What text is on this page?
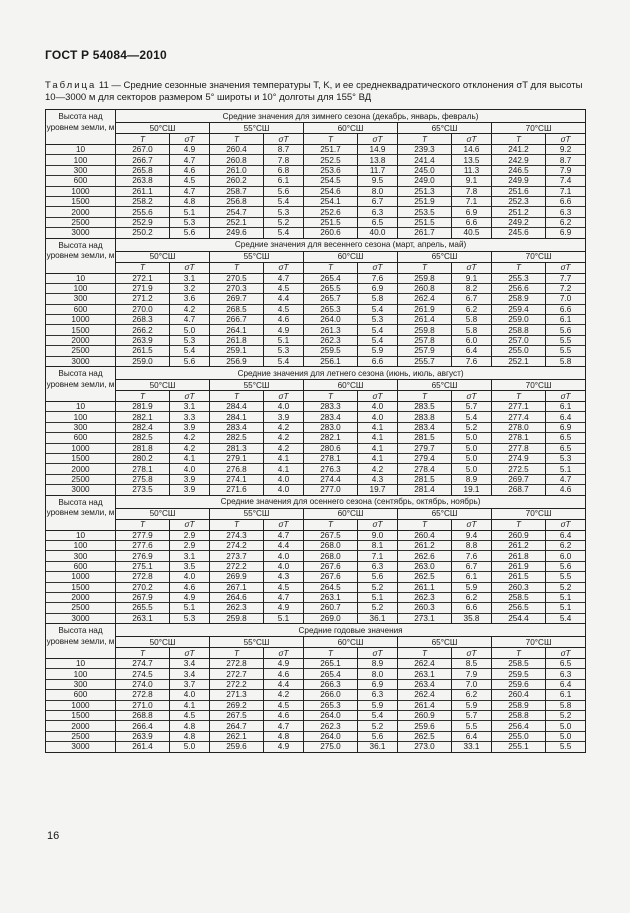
ГОСТ Р 54084—2010
Таблица 11 — Средние сезонные значения температуры T, K, и ее среднеквадратического отклонения σT для высоты 10—3000 м для секторов размером 5° широты и 10° долготы для 155° ВД
Высота над уровнем земли, м	Средние значения для зимнего сезона (декабрь, январь, февраль)									
	50°СШ		55°СШ		60°СШ		65°СШ		70°СШ	
	T	σT	T	σT	T	σT	T	σT	T	σT
10	267.0	4.9	260.4	8.7	251.7	14.9	239.3	14.6	241.2	9.2
100	266.7	4.7	260.8	7.8	252.5	13.8	241.4	13.5	242.9	8.7
300	265.8	4.6	261.0	6.8	253.6	11.7	245.0	11.3	246.5	7.9
600	263.8	4.5	260.2	6.1	254.5	9.5	249.0	9.1	249.9	7.4
1000	261.1	4.7	258.7	5.6	254.6	8.0	251.3	7.8	251.6	7.1
1500	258.2	4.8	256.8	5.4	254.1	6.7	251.9	7.1	252.3	6.6
2000	255.6	5.1	254.7	5.3	252.6	6.3	253.5	6.9	251.2	6.3
2500	252.9	5.3	252.1	5.2	251.5	6.5	251.5	6.6	249.2	6.2
3000	250.2	5.6	249.6	5.4	260.6	40.0	261.7	40.5	245.6	6.9
Высота над уровнем земли, м	Средние значения для весеннего сезона (март, апрель, май)									
	50°СШ		55°СШ		60°СШ		65°СШ		70°СШ	
	T	σT	T	σT	T	σT	T	σT	T	σT
10	272.1	3.1	270.5	4.7	265.4	7.6	259.8	9.1	255.3	7.7
100	271.9	3.2	270.3	4.5	265.5	6.9	260.8	8.2	256.6	7.2
300	271.2	3.6	269.7	4.4	265.7	5.8	262.4	6.7	258.9	7.0
600	270.0	4.2	268.5	4.5	265.3	5.4	261.9	6.2	259.4	6.6
1000	268.3	4.7	266.7	4.6	264.0	5.3	261.4	5.8	259.0	6.1
1500	266.2	5.0	264.1	4.9	261.3	5.4	259.8	5.8	258.8	5.6
2000	263.9	5.3	261.8	5.1	262.3	5.4	257.8	6.0	257.0	5.5
2500	261.5	5.4	259.1	5.3	259.5	5.9	257.9	6.4	255.0	5.5
3000	259.0	5.6	256.9	5.4	256.1	6.6	255.7	7.6	252.1	5.8
Высота над уровнем земли, м	Средние значения для летнего сезона (июнь, июль, август)									
	50°СШ		55°СШ		60°СШ		65°СШ		70°СШ	
	T	σT	T	σT	T	σT	T	σT	T	σT
10	281.9	3.1	284.4	4.0	283.3	4.0	283.5	5.7	277.1	6.1
100	282.1	3.3	284.1	3.9	283.4	4.0	283.8	5.4	277.4	6.4
300	282.4	3.9	283.4	4.2	283.0	4.1	283.4	5.2	278.0	6.9
600	282.5	4.2	282.5	4.2	282.1	4.1	281.5	5.0	278.1	6.5
1000	281.8	4.2	281.3	4.2	280.6	4.1	279.7	5.0	277.8	6.5
1500	280.2	4.1	279.1	4.1	278.1	4.1	279.4	5.0	274.9	5.3
2000	278.1	4.0	276.8	4.1	276.3	4.2	278.4	5.0	272.5	5.1
2500	275.8	3.9	274.1	4.0	274.4	4.3	281.5	8.9	269.7	4.7
3000	273.5	3.9	271.6	4.0	277.0	19.7	281.4	19.1	268.7	4.6
Высота над уровнем земли, м	Средние значения для осеннего сезона (сентябрь, октябрь, ноябрь)									
	50°СШ		55°СШ		60°СШ		65°СШ		70°СШ	
	T	σT	T	σT	T	σT	T	σT	T	σT
10	277.9	2.9	274.3	4.7	267.5	9.0	260.4	9.4	260.9	6.4
100	277.6	2.9	274.2	4.4	268.0	8.1	261.2	8.8	261.2	6.2
300	276.9	3.1	273.7	4.0	268.0	7.1	262.6	7.6	261.8	6.0
600	275.1	3.5	272.2	4.0	267.6	6.3	263.0	6.7	261.9	5.6
1000	272.8	4.0	269.9	4.3	267.6	5.6	262.5	6.1	261.5	5.5
1500	270.2	4.6	267.1	4.5	264.5	5.2	261.1	5.9	260.3	5.2
2000	267.9	4.9	264.6	4.7	263.1	5.1	262.3	6.2	258.5	5.1
2500	265.5	5.1	262.3	4.9	260.7	5.2	260.3	6.6	256.5	5.1
3000	263.1	5.3	259.8	5.1	269.0	36.1	273.1	35.8	254.4	5.4
Высота над уровнем земли, м	Средние годовые значения									
	50°СШ		55°СШ		60°СШ		65°СШ		70°СШ	
	T	σT	T	σT	T	σT	T	σT	T	σT
10	274.7	3.4	272.8	4.9	265.1	8.9	262.4	8.5	258.5	6.5
100	274.5	3.4	272.7	4.6	265.4	8.0	263.1	7.9	259.5	6.3
300	274.0	3.7	272.2	4.4	266.3	6.9	263.4	7.0	259.6	6.4
600	272.8	4.0	271.3	4.2	266.0	6.3	262.4	6.2	260.4	6.1
1000	271.0	4.1	269.2	4.5	265.3	5.9	261.4	5.9	258.9	5.8
1500	268.8	4.5	267.5	4.6	264.0	5.4	260.9	5.7	258.8	5.2
2000	266.4	4.8	264.7	4.7	262.3	5.2	259.6	5.5	256.4	5.0
2500	263.9	4.8	262.1	4.8	264.0	5.6	262.5	6.4	255.0	5.0
3000	261.4	5.0	259.6	4.9	275.0	36.1	273.0	33.1	255.1	5.5
16
